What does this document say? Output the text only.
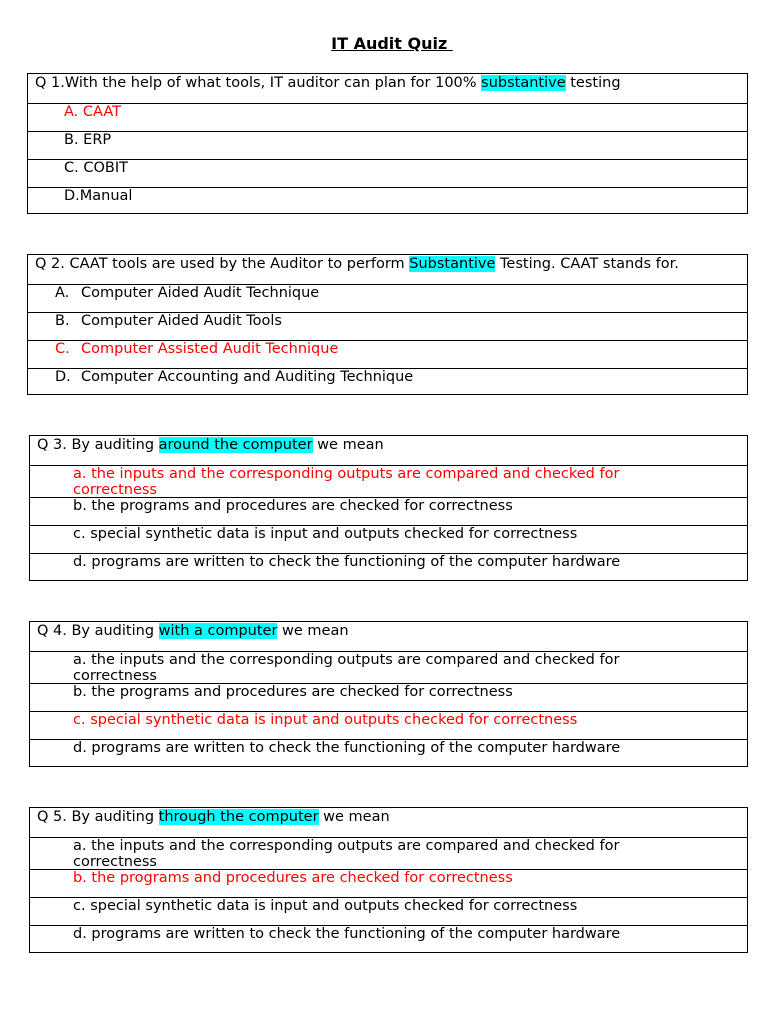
IT Audit Quiz
Q 1.With the help of what tools, IT auditor can plan for 100% substantive testing
A. CAAT
B. ERP
C. COBIT
D.Manual
Q 2. CAAT tools are used by the Auditor to perform Substantive Testing. CAAT stands for.
A. Computer Aided Audit Technique
B. Computer Aided Audit Tools
C. Computer Assisted Audit Technique
D. Computer Accounting and Auditing Technique
Q 3. By auditing around the computer we mean
a. the inputs and the corresponding outputs are compared and checked for correctness
b. the programs and procedures are checked for correctness
c. special synthetic data is input and outputs checked for correctness
d. programs are written to check the functioning of the computer hardware
Q 4. By auditing with a computer we mean
a. the inputs and the corresponding outputs are compared and checked for correctness
b. the programs and procedures are checked for correctness
c. special synthetic data is input and outputs checked for correctness
d. programs are written to check the functioning of the computer hardware
Q 5. By auditing through the computer we mean
a. the inputs and the corresponding outputs are compared and checked for correctness
b. the programs and procedures are checked for correctness
c. special synthetic data is input and outputs checked for correctness
d. programs are written to check the functioning of the computer hardware
